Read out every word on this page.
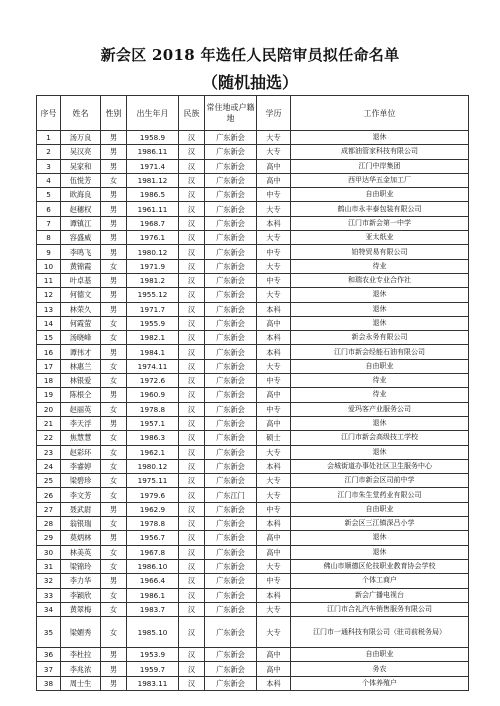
新会区 2018 年选任人民陪审员拟任命名单
（随机抽选）
序号	姓名	性别	出生年月	民族	常住地或户籍地	学历	工作单位
1	汤万良	男	1958.9	汉	广东新会	大专	退休
2	吴汉亮	男	1986.11	汉	广东新会	大专	成都油管家科技有限公司
3	吴家和	男	1971.4	汉	广东新会	高中	江门中岸集团
4	伍悦芳	女	1981.12	汉	广东新会	高中	西甲达华五金加工厂
5	欧海良	男	1986.5	汉	广东新会	中专	自由职业
6	赵穗权	男	1961.11	汉	广东新会	大专	鹤山市永丰泰包装有限公司
7	谭镇江	男	1968.7	汉	广东新会	本科	江门市新会第一中学
8	容盛威	男	1976.1	汉	广东新会	大专	亚太纸业
9	李鸣飞	男	1980.12	汉	广东新会	中专	铂特贸易有限公司
10	黄锦霞	女	1971.9	汉	广东新会	大专	待业
11	叶卓基	男	1981.2	汉	广东新会	中专	和瑞农业专业合作社
12	何德文	男	1955.12	汉	广东新会	大专	退休
13	林荣久	男	1971.7	汉	广东新会	本科	退休
14	何霞萤	女	1955.9	汉	广东新会	高中	退休
15	汤晓峰	女	1982.1	汉	广东新会	本科	新会永务有限公司
16	谭伟才	男	1984.1	汉	广东新会	本科	江门市新会经能石油有限公司
17	林惠兰	女	1974.11	汉	广东新会	大专	自由职业
18	林银爱	女	1972.6	汉	广东新会	中专	待业
19	陈根仝	男	1960.9	汉	广东新会	高中	待业
20	赵丽英	女	1978.8	汉	广东新会	中专	爱玛客产业服务公司
21	李天浮	男	1957.1	汉	广东新会	高中	退休
22	焦慧慧	女	1986.3	汉	广东新会	硕士	江门市新会高级技工学校
23	赵彩环	女	1962.1	汉	广东新会	大专	退休
24	李睿婷	女	1980.12	汉	广东新会	本科	会城街道办事处社区卫生服务中心
25	梁碧珍	女	1975.11	汉	广东新会	大专	江门市新会区司前中学
26	李文芳	女	1979.6	汉	广东江门	大专	江门市朱生堂药业有限公司
27	聂武尉	男	1962.9	汉	广东新会	中专	自由职业
28	翁银瑞	女	1978.8	汉	广东新会	本科	新会区三江镇深吕小学
29	莫炳林	男	1956.7	汉	广东新会	高中	退休
30	林美英	女	1967.8	汉	广东新会	高中	退休
31	梁锦玲	女	1986.10	汉	广东新会	大专	佛山市顺德区伦技职业教育协会学校
32	李力华	男	1966.4	汉	广东新会	中专	个体工商户
33	李颖欣	女	1986.1	汉	广东新会	本科	新会广播电视台
34	黄翠梅	女	1983.7	汉	广东新会	大专	江门市合礼汽车销售服务有限公司
35	梁媚秀	女	1985.10	汉	广东新会	大专	江门市一通科技有限公司（驻司前税务局）
36	李杜拉	男	1953.9	汉	广东新会	高中	自由职业
37	李兆浓	男	1959.7	汉	广东新会	高中	务农
38	周士生	男	1983.11	汉	广东新会	本科	个体养殖户
